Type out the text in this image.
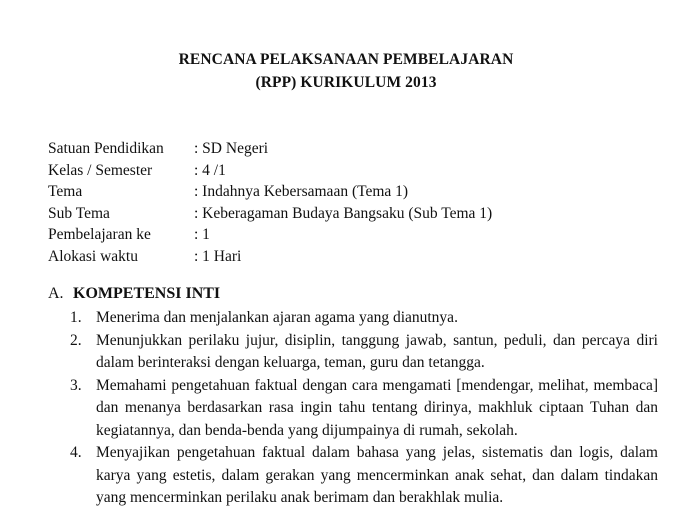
RENCANA PELAKSANAAN PEMBELAJARAN
(RPP) KURIKULUM 2013
Satuan Pendidikan : SD Negeri
Kelas / Semester	: 4 /1
Tema	: Indahnya Kebersamaan (Tema 1)
Sub Tema	: Keberagaman Budaya Bangsaku (Sub Tema 1)
Pembelajaran ke	: 1
Alokasi waktu	: 1 Hari
A. KOMPETENSI INTI
1. Menerima dan menjalankan ajaran agama yang dianutnya.
2. Menunjukkan perilaku jujur, disiplin, tanggung jawab, santun, peduli, dan percaya diri dalam berinteraksi dengan keluarga, teman, guru dan tetangga.
3. Memahami pengetahuan faktual dengan cara mengamati [mendengar, melihat, membaca] dan menanya berdasarkan rasa ingin tahu tentang dirinya, makhluk ciptaan Tuhan dan kegiatannya, dan benda-benda yang dijumpainya di rumah, sekolah.
4. Menyajikan pengetahuan faktual dalam bahasa yang jelas, sistematis dan logis, dalam karya yang estetis, dalam gerakan yang mencerminkan anak sehat, dan dalam tindakan yang mencerminkan perilaku anak berimam dan berakhlak mulia.
